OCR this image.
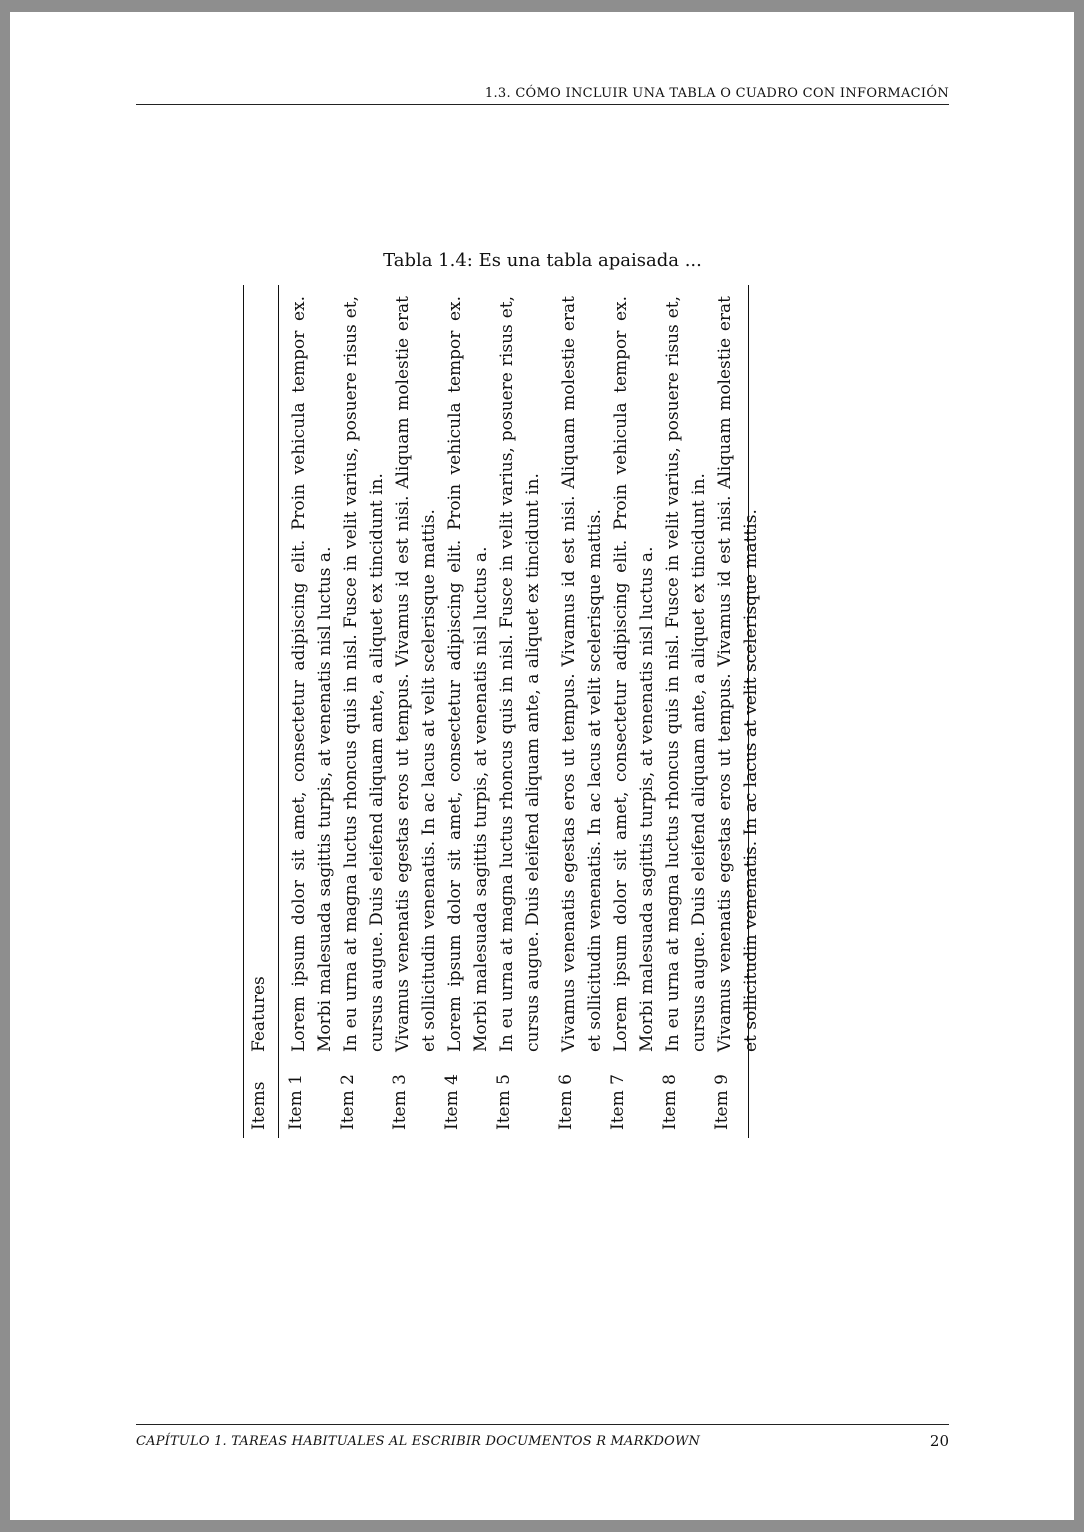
1.3. CÓMO INCLUIR UNA TABLA O CUADRO CON INFORMACIÓN
Tabla 1.4: Es una tabla apaisada ...
Items
Features
Item 1
Lorem ipsum dolor sit amet, consectetur adipiscing elit. Proin vehicula tempor ex. Morbi malesuada sagittis turpis, at venenatis nisl luctus a.
Item 2
In eu urna at magna luctus rhoncus quis in nisl. Fusce in velit varius, posuere risus et, cursus augue. Duis eleifend aliquam ante, a aliquet ex tincidunt in.
Item 3
Vivamus venenatis egestas eros ut tempus. Vivamus id est nisi. Aliquam molestie erat et sollicitudin venenatis. In ac lacus at velit scelerisque mattis.
Item 4
Lorem ipsum dolor sit amet, consectetur adipiscing elit. Proin vehicula tempor ex. Morbi malesuada sagittis turpis, at venenatis nisl luctus a.
Item 5
In eu urna at magna luctus rhoncus quis in nisl. Fusce in velit varius, posuere risus et, cursus augue. Duis eleifend aliquam ante, a aliquet ex tincidunt in.
Item 6
Vivamus venenatis egestas eros ut tempus. Vivamus id est nisi. Aliquam molestie erat et sollicitudin venenatis. In ac lacus at velit scelerisque mattis.
Item 7
Lorem ipsum dolor sit amet, consectetur adipiscing elit. Proin vehicula tempor ex. Morbi malesuada sagittis turpis, at venenatis nisl luctus a.
Item 8
In eu urna at magna luctus rhoncus quis in nisl. Fusce in velit varius, posuere risus et, cursus augue. Duis eleifend aliquam ante, a aliquet ex tincidunt in.
Item 9
Vivamus venenatis egestas eros ut tempus. Vivamus id est nisi. Aliquam molestie erat et sollicitudin venenatis. In ac lacus at velit scelerisque mattis.
CAPÍTULO 1. TAREAS HABITUALES AL ESCRIBIR DOCUMENTOS R MARKDOWN	20
